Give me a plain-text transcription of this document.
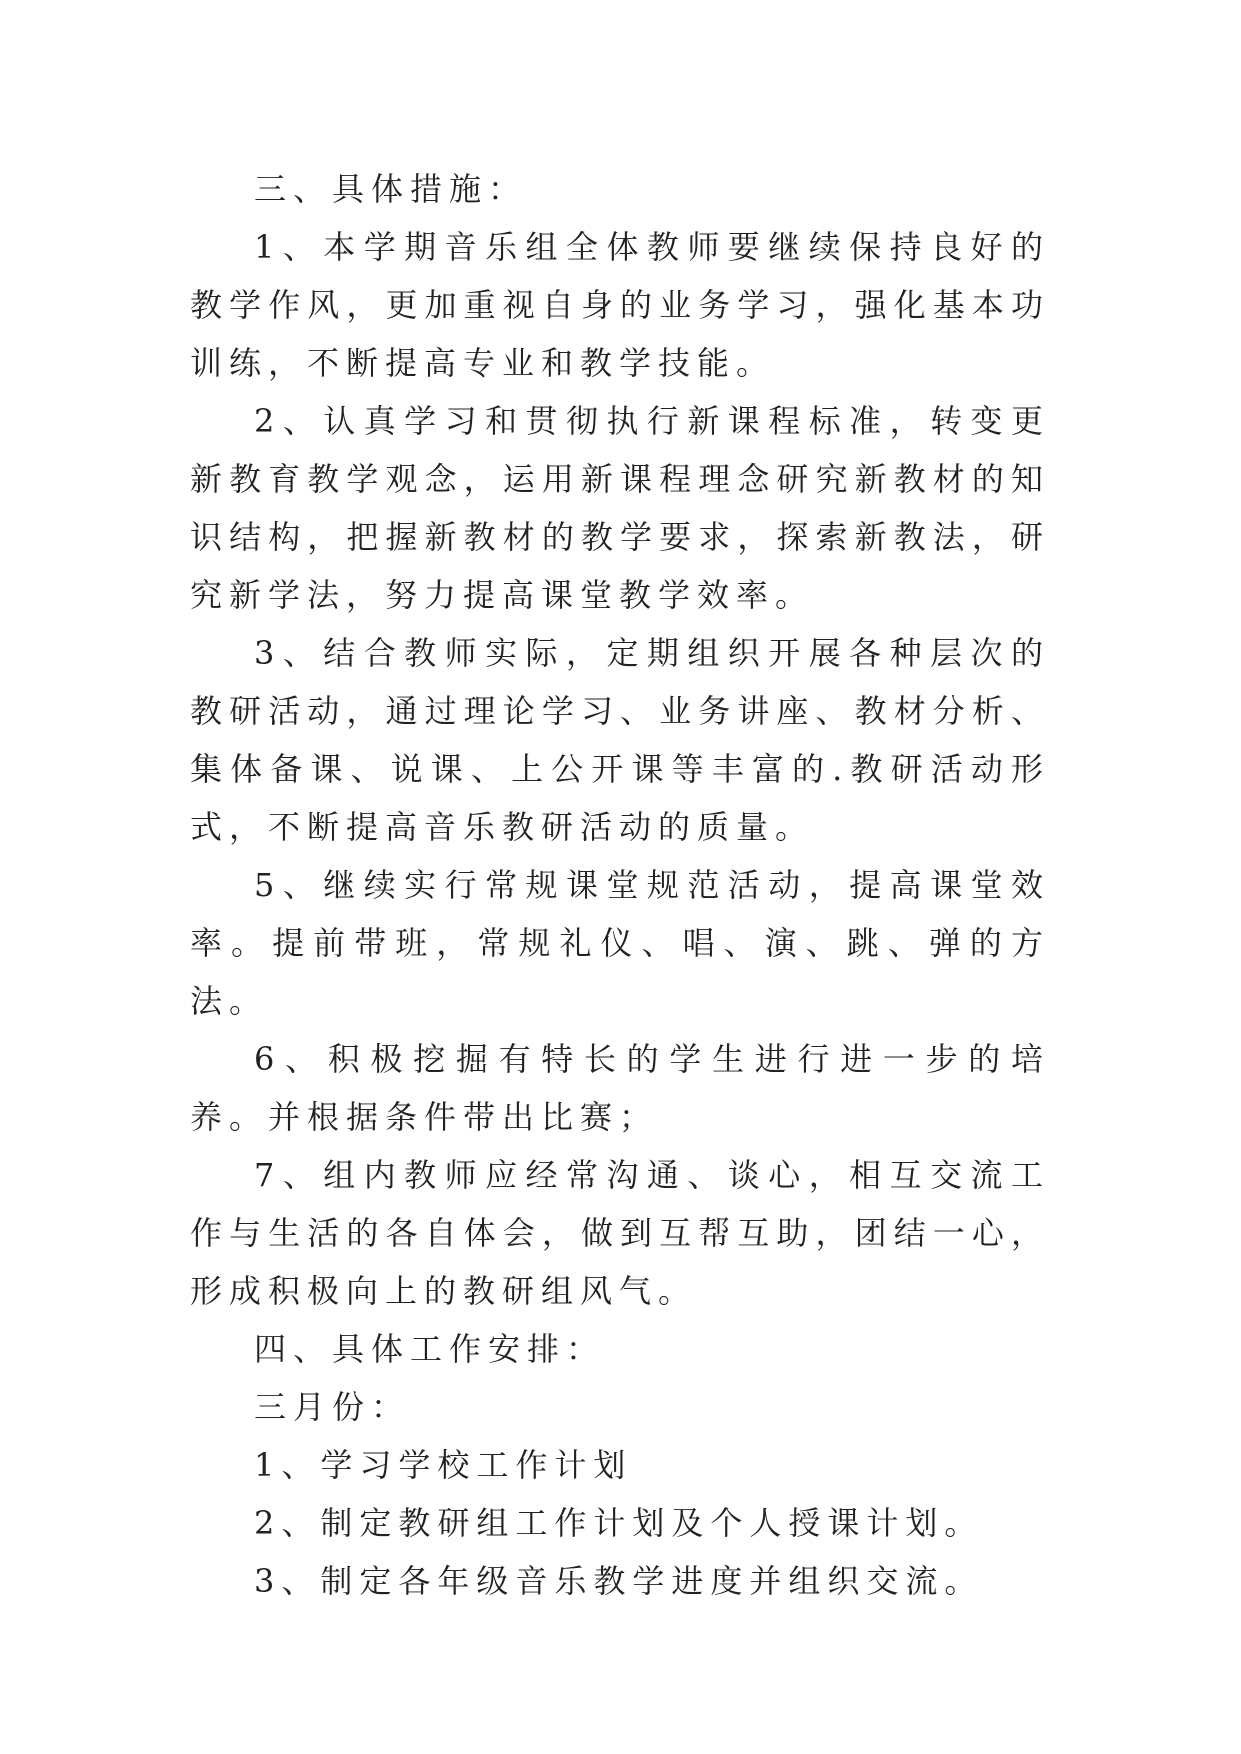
三、具体措施：

1、本学期音乐组全体教师要继续保持良好的教学作风，更加重视自身的业务学习，强化基本功训练，不断提高专业和教学技能。

2、认真学习和贯彻执行新课程标准，转变更新教育教学观念，运用新课程理念研究新教材的知识结构，把握新教材的教学要求，探索新教法，研究新学法，努力提高课堂教学效率。

3、结合教师实际，定期组织开展各种层次的教研活动，通过理论学习、业务讲座、教材分析、集体备课、说课、上公开课等丰富的.教研活动形式，不断提高音乐教研活动的质量。

5、继续实行常规课堂规范活动，提高课堂效率。提前带班，常规礼仪、唱、演、跳、弹的方法。

6、积极挖掘有特长的学生进行进一步的培养。并根据条件带出比赛；

7、组内教师应经常沟通、谈心，相互交流工作与生活的各自体会，做到互帮互助，团结一心，形成积极向上的教研组风气。

四、具体工作安排：

三月份：

1、学习学校工作计划

2、制定教研组工作计划及个人授课计划。

3、制定各年级音乐教学进度并组织交流。
